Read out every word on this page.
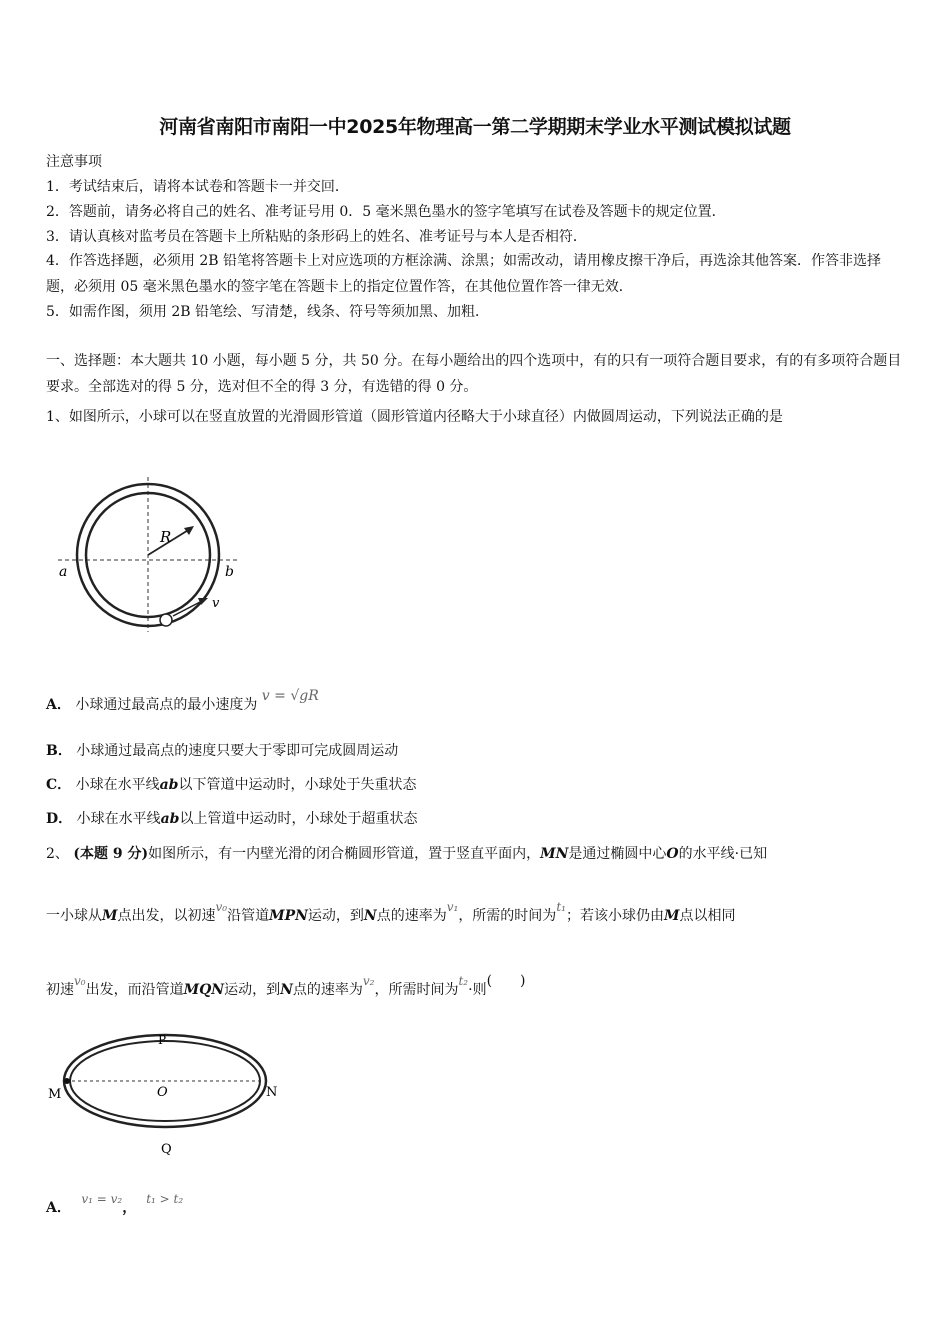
河南省南阳市南阳一中2025年物理高一第二学期期末学业水平测试模拟试题
注意事项
1．考试结束后，请将本试卷和答题卡一并交回．
2．答题前，请务必将自己的姓名、准考证号用 0．5 毫米黑色墨水的签字笔填写在试卷及答题卡的规定位置．
3．请认真核对监考员在答题卡上所粘贴的条形码上的姓名、准考证号与本人是否相符．
4．作答选择题，必须用 2B 铅笔将答题卡上对应选项的方框涂满、涂黑；如需改动，请用橡皮擦干净后，再选涂其他答案．作答非选择题，必须用 05 毫米黑色墨水的签字笔在答题卡上的指定位置作答，在其他位置作答一律无效．
5．如需作图，须用 2B 铅笔绘、写清楚，线条、符号等须加黑、加粗．
一、选择题：本大题共 10 小题，每小题 5 分，共 50 分。在每小题给出的四个选项中，有的只有一项符合题目要求，有的有多项符合题目要求。全部选对的得 5 分，选对但不全的得 3 分，有选错的得 0 分。
1、如图所示，小球可以在竖直放置的光滑圆形管道（圆形管道内径略大于小球直径）内做圆周运动，下列说法正确的是
R
a	b
v
A． 小球通过最高点的最小速度为 v = √gR
B． 小球通过最高点的速度只要大于零即可完成圆周运动
C． 小球在水平线ab以下管道中运动时，小球处于失重状态
D． 小球在水平线ab以上管道中运动时，小球处于超重状态
2、 (本题 9 分)如图所示，有一内壁光滑的闭合椭圆形管道，置于竖直平面内，MN是通过椭圆中心O的水平线·已知
一小球从M点出发，以初速v₀沿管道MPN运动，到N点的速率为v₁，所需的时间为t₁；若该小球仍由M点以相同
初速v₀出发，而沿管道MQN运动，到N点的速率为v₂，所需时间为t₂·则(　　)
P
M	N
O
Q
A． v₁ = v₂，t₁ > t₂
